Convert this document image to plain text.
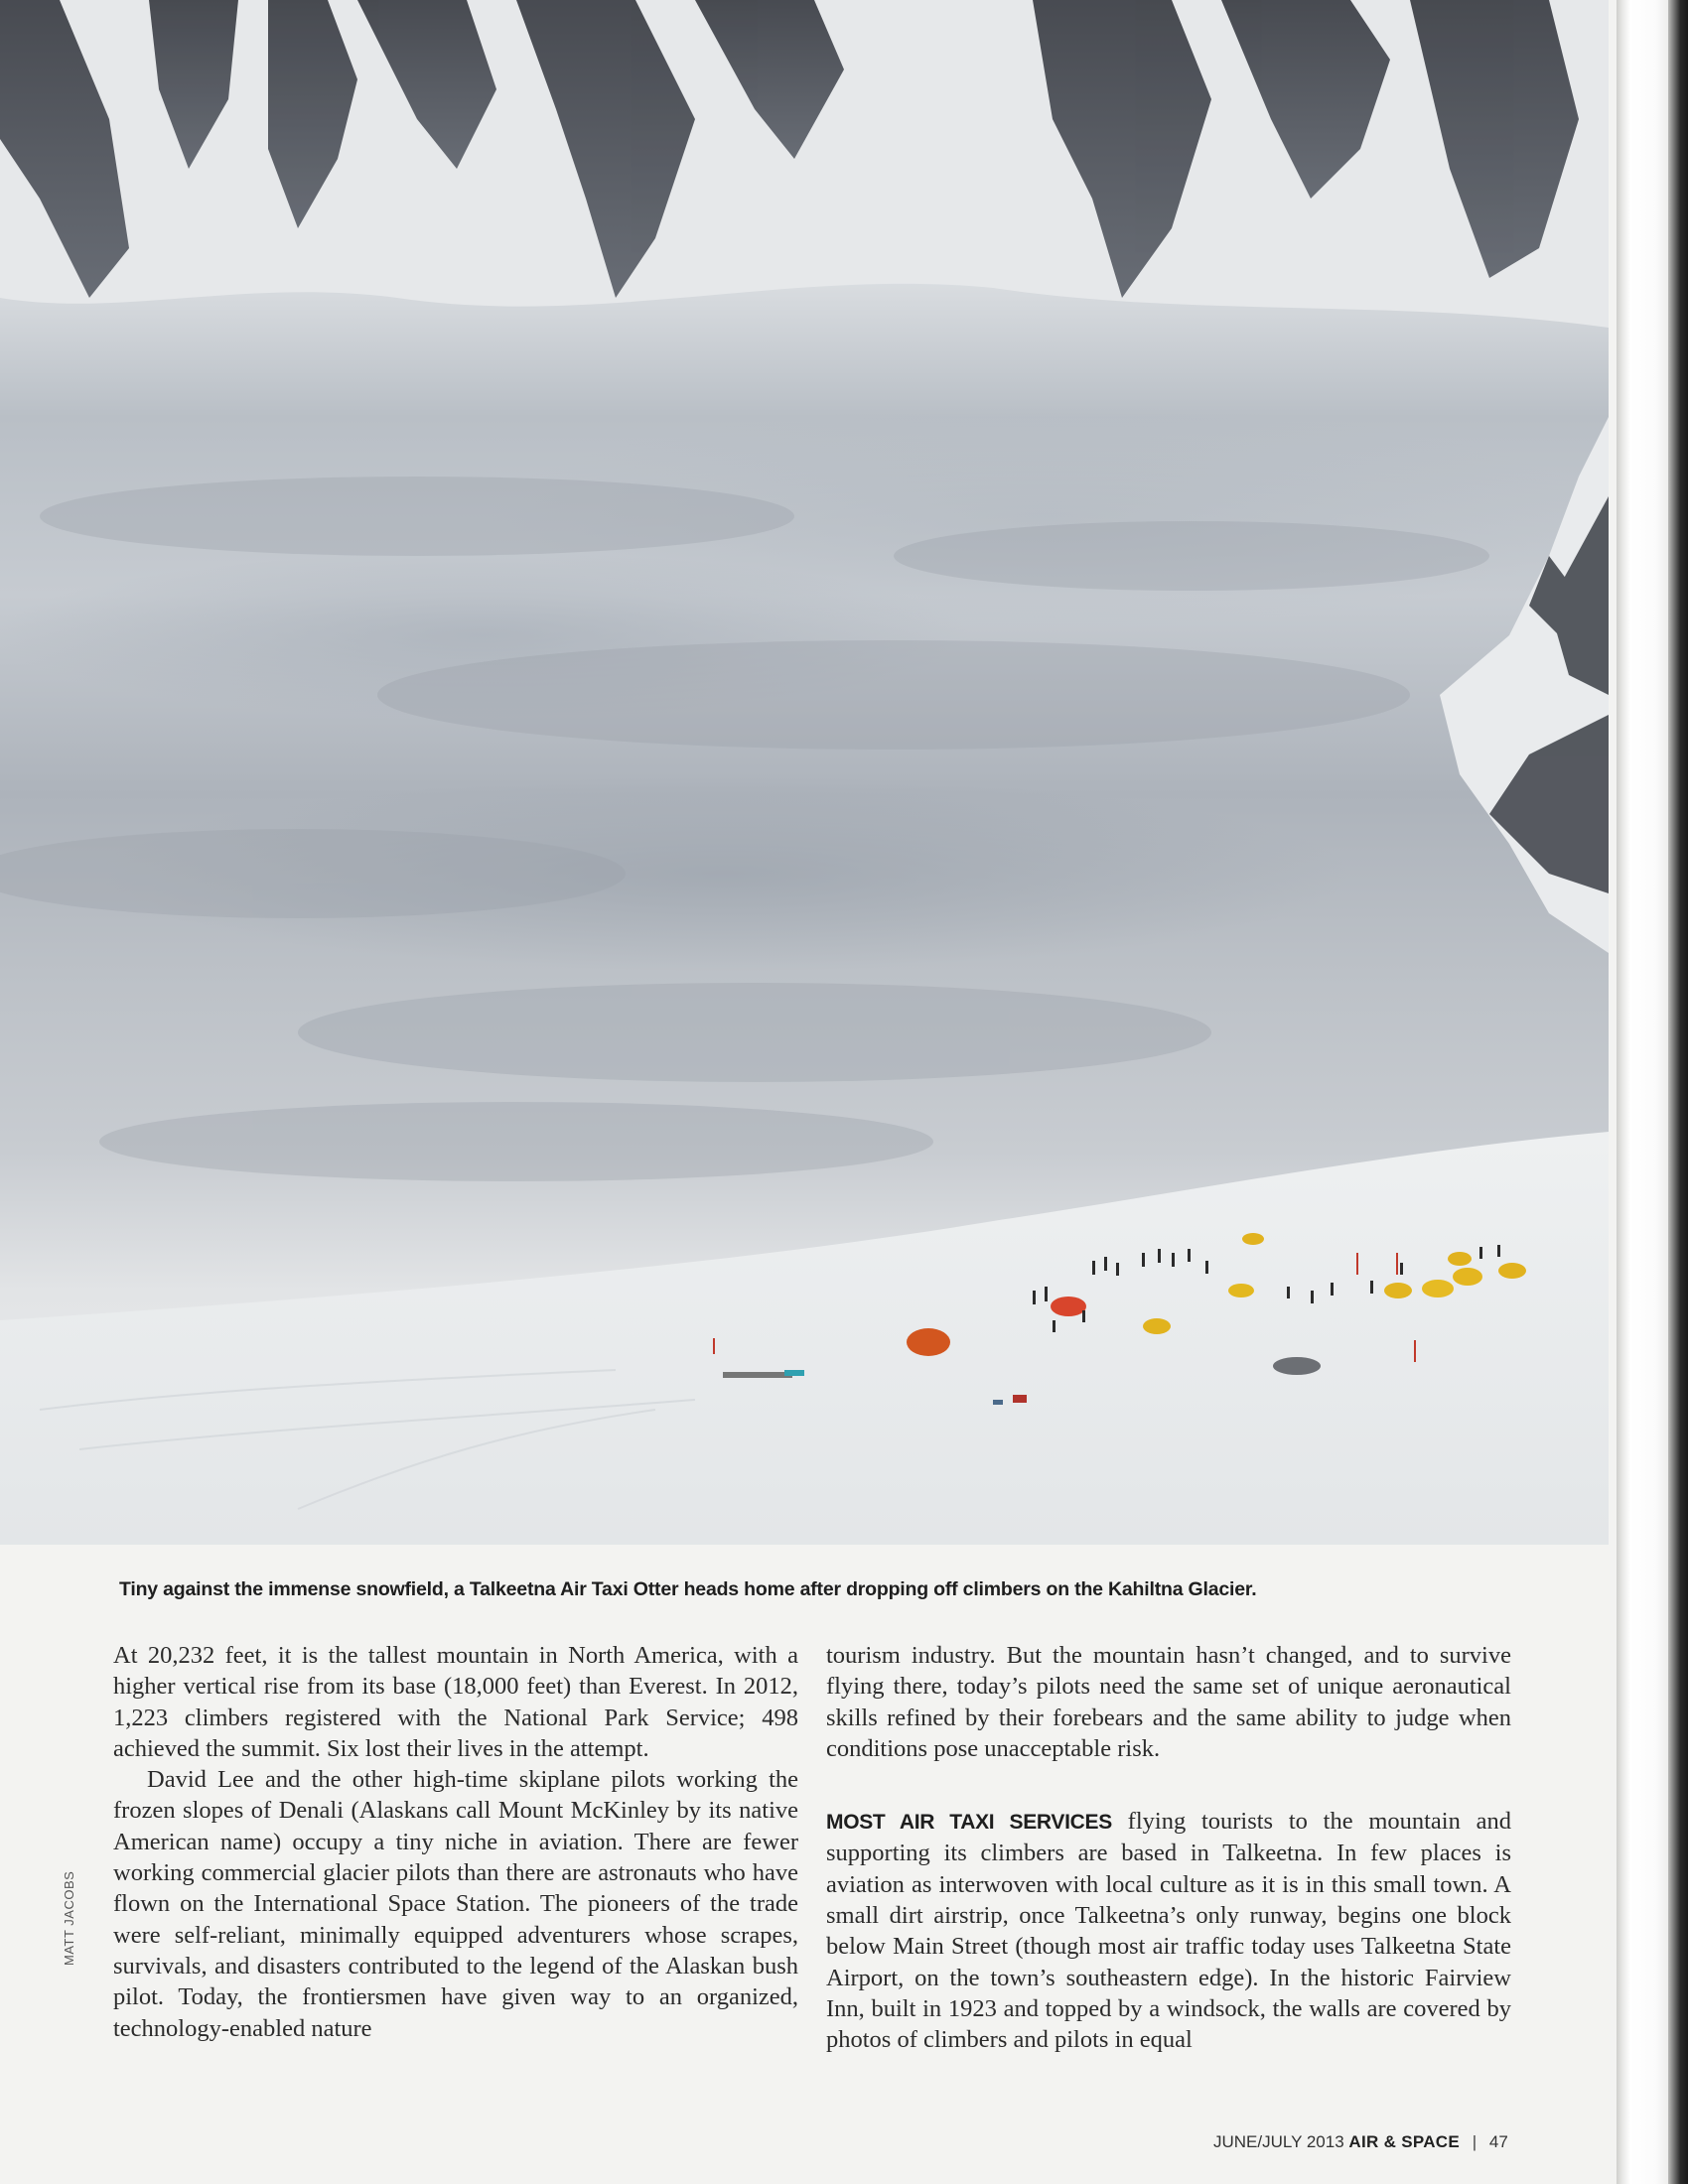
Tiny against the immense snowfield, a Talkeetna Air Taxi Otter heads home after dropping off climbers on the Kahiltna Glacier.
MATT JACOBS

At 20,232 feet, it is the tallest mountain in North America, with a higher vertical rise from its base (18,000 feet) than Everest. In 2012, 1,223 climbers registered with the National Park Service; 498 achieved the summit. Six lost their lives in the attempt.

David Lee and the other high-time skiplane pilots working the frozen slopes of Denali (Alaskans call Mount McKinley by its native American name) occupy a tiny niche in aviation. There are fewer working commercial glacier pilots than there are astronauts who have flown on the International Space Station. The pioneers of the trade were self-reliant, minimally equipped adventurers whose scrapes, survivals, and disasters contributed to the legend of the Alaskan bush pilot. Today, the frontiersmen have given way to an organized, technology-enabled nature

tourism industry. But the mountain hasn’t changed, and to survive flying there, today’s pilots need the same set of unique aeronautical skills refined by their forebears and the same ability to judge when conditions pose unacceptable risk.

MOST AIR TAXI SERVICES flying tourists to the mountain and supporting its climbers are based in Talkeetna. In few places is aviation as interwoven with local culture as it is in this small town. A small dirt airstrip, once Talkeetna’s only runway, begins one block below Main Street (though most air traffic today uses Talkeetna State Airport, on the town’s southeastern edge). In the historic Fairview Inn, built in 1923 and topped by a windsock, the walls are covered by photos of climbers and pilots in equal

JUNE/JULY 2013 AIR & SPACE | 47
